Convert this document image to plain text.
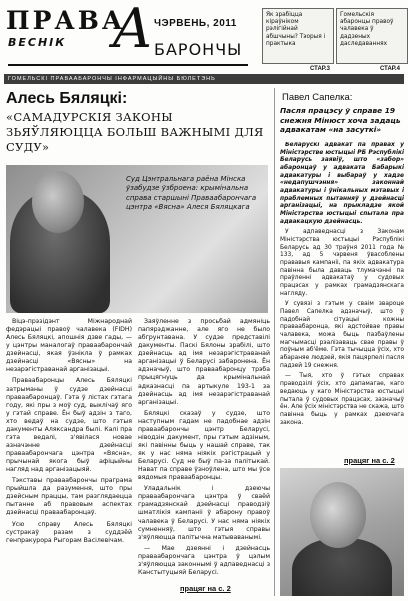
ПРАВА
ВЕСНІК А БАРОНЧЫ
ЧЭРВЕНЬ, 2011
ГОМЕЛЬСКІ ПРАВААБАРОНЧЫ ІНФАРМАЦЫЙНЫ БЮЛЕТЭНЬ
Як зрабіцца кіраўніком рэлігійнай абшчыны? Тэорыя і практыка
СТАР.3
Гомельскія абаронцы правоў чалавека ў дадзеных даследаваннях
СТАР.4
Алесь Бяляцкі:
«САМАДУРСКІЯ ЗАКОНЫ ЗЬЯЎЛЯЮЦЦА БОЛЬШ ВАЖНЫМІ ДЛЯ СУДУ»
Суд Цэнтральнага раёна Мінска ўзабудзе ўзброена: крымінальна справа старшыні Праваабарончага цэнтра «Вясна» Алеся Бяляцкага

Віцэ-прэзідэнт Міжнароднай федэрацыі правоў чалавека (FIDH) Алесь Бяляцкі, апошнія дзве гады, — у цэнтры маналогаў праваабарончай дзейнасці, якая ўзнікла ў рамках дзейнасці «Вясны» на незарэгістраванай арганізацыі.

Праваабаронцы Алесь Бяляцкі затрыманы ў судзе дзейнасці праваабаронцаў. Гэта ў лістах гэтага году, які пры з моў суд, выклічаў яго у гэтай справе. Ён быў адзін з таго, хто ведаў на судзе, што гэтыя дакументы Аляксандра былі. Калі пра гэта ведалі, з'явілася новае азначэнне дзейнасці праваабарончага цэнтра «Вясна», прычынай якога быў афіцыйны нагляд над арганізацыяй.

Тэкставы праваабарончы праграма прыйшла да разумення, што пры дзейсным праццы, там разглядаецца пытанне аб правовым аспектах дзейнасці праваабаронцаў.

Усю справу Алесь Бяляцкі сустракаў разам з суддзёй генпракурора Рыгорам Васілевічам.

Заяўленне з просьбай адмяніць папярэджанне, але яго не было абгрунтавана. У судзе представілі дакументы. Паскі Бялоны зрабілі, што дзейнасць ад імя незарэгістраванай арганізацыі ў Беларусі забаронена. Ён адзначыў, што праваабаронцу трэба прыцягнуць да крымінальнай адказнасці па артыкуле 193-1 за дзейнасць ад імя незарэгістраванай арганізацыі.

Бяляцкі сказаў у судзе, што наступным гадам не падобнае адзін праваабарончы цэнтр Беларусі, ніводзін дакумент, пры гэтым адзіным, які павінны быць у нашай справе, так як у нас няма ніякіх рэгістрацый у Беларусі. Суд не быў па-за палітыкай. Нават па справе ўзноўлена, што мы ўсе вядомыя праваабаронцы.

Уладальнік і дзеючы праваабарончага цэнтра ў сваёй грамадзянскай дзейнасці праводзіў шматлікія кампаніі ў абарону правоў чалавека ў Беларусі. У нас няма ніякіх сумненняў, што гэтыя справы з'яўляюцца палітычна матываванымі.

— Мае дзеянні і дзейнасць праваабарончага цэнтра ў цэлым з'яўляюцца законнымі ў адпаведнасці з Канстытуцыяй Беларусі.

працяг на с. 2
Павел Сапелка:
Пасля працэсу ў справе 19 снежня Мінюст хоча задаць адвакатам «на засуткі»

Беларускі адвакат па правах у Міністэрстве юстыцыі РБ Рэспублікі Беларусь заявіў, што «забор» абаронцаў у адваката Бабарыкі адвакатуры і выбараў у хадзе «недапушчэння» законнай адвакатуры і ўнікальных мэтавых і праблемных пытанняў у дзейнасці арганізацыі, на прыкладзе якой Міністэрства юстыцыі спытала пра адвакацкую дзейнасць.

У адпаведнасці з Законам Міністэрства юстыцыі Рэспублікі Беларусь ад 30 траўня 2011 года № 133, ад 5 чэрвеня ўвасоблены прававыя кампаніі, па якіх адвакатура павінна была даваць тлумачэнні па праўленні адвакатаў у судовых працэсах у рамках грамадзянскага нагляду.

У сувязі з гэтым у сваім звароце Павел Сапелка адзначыў, што ў падобнай сітуацыі кожны праваабаронца, які адстойвае правы чалавека, можа быць пазбаўлены магчымасці рэалізаваць свае правы ў поўным аб'ёме. Гэта тычыцца ўсіх, хто абараняе людзей, якія пацярпелі пасля падзей 19 снежня.

— Тыя, хто ў гэтых справах праводзілі ўсіх, хто дапамагае, каго ведаюць у каго Міністэрства юстыцыі пытала ў судовых працэсах, зазначыў ён. Але ўсіх міністэрства не скажа, што павінна быць у рамках дзеючага закона.

працяг на с. 2
